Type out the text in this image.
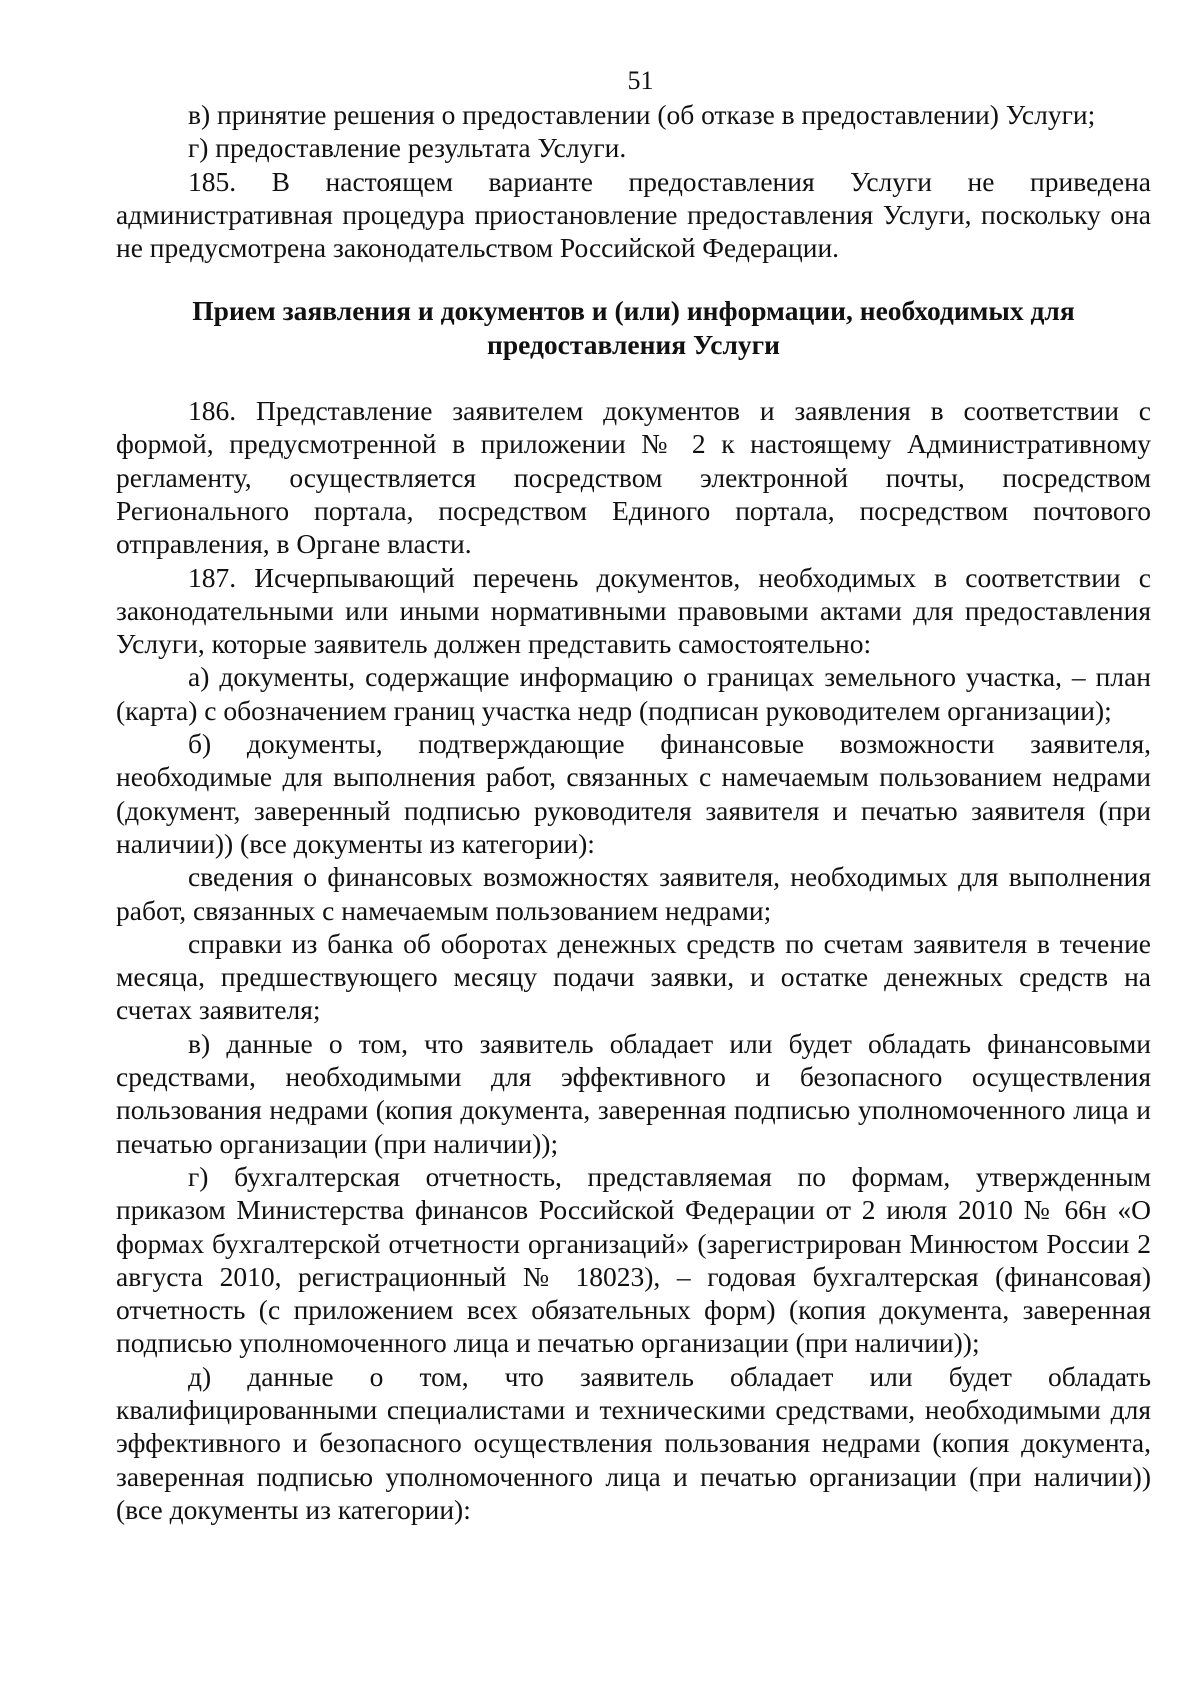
51

в) принятие решения о предоставлении (об отказе в предоставлении) Услуги;

г) предоставление результата Услуги.

185. В настоящем варианте предоставления Услуги не приведена административная процедура приостановление предоставления Услуги, поскольку она не предусмотрена законодательством Российской Федерации.

Прием заявления и документов и (или) информации, необходимых для предоставления Услуги

186. Представление заявителем документов и заявления в соответствии с формой, предусмотренной в приложении № 2 к настоящему Административному регламенту, осуществляется посредством электронной почты, посредством Регионального портала, посредством Единого портала, посредством почтового отправления, в Органе власти.

187. Исчерпывающий перечень документов, необходимых в соответствии с законодательными или иными нормативными правовыми актами для предоставления Услуги, которые заявитель должен представить самостоятельно:

а) документы, содержащие информацию о границах земельного участка, – план (карта) с обозначением границ участка недр (подписан руководителем организации);

б) документы, подтверждающие финансовые возможности заявителя, необходимые для выполнения работ, связанных с намечаемым пользованием недрами (документ, заверенный подписью руководителя заявителя и печатью заявителя (при наличии)) (все документы из категории):

сведения о финансовых возможностях заявителя, необходимых для выполнения работ, связанных с намечаемым пользованием недрами;

справки из банка об оборотах денежных средств по счетам заявителя в течение месяца, предшествующего месяцу подачи заявки, и остатке денежных средств на счетах заявителя;

в) данные о том, что заявитель обладает или будет обладать финансовыми средствами, необходимыми для эффективного и безопасного осуществления пользования недрами (копия документа, заверенная подписью уполномоченного лица и печатью организации (при наличии));

г) бухгалтерская отчетность, представляемая по формам, утвержденным приказом Министерства финансов Российской Федерации от 2 июля 2010 № 66н «О формах бухгалтерской отчетности организаций» (зарегистрирован Минюстом России 2 августа 2010, регистрационный № 18023), – годовая бухгалтерская (финансовая) отчетность (с приложением всех обязательных форм) (копия документа, заверенная подписью уполномоченного лица и печатью организации (при наличии));

д) данные о том, что заявитель обладает или будет обладать квалифицированными специалистами и техническими средствами, необходимыми для эффективного и безопасного осуществления пользования недрами (копия документа, заверенная подписью уполномоченного лица и печатью организации (при наличии)) (все документы из категории):
